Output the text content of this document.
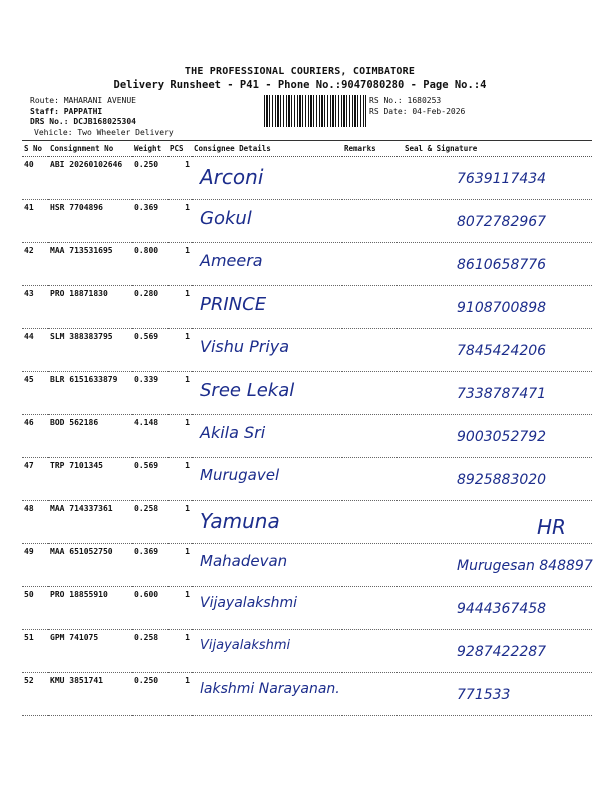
THE PROFESSIONAL COURIERS, COIMBATORE
Delivery Runsheet - P41 - Phone No.:9047080280 - Page No.:4
Route: MAHARANI AVENUE
Staff: PAPPATHI
DRS No.: DCJB168025304
Vehicle: Two Wheeler Delivery
RS No.: 1680253
RS Date: 04-Feb-2026
S No	Consignment No	Weight	PCS	Consignee Details	Remarks	Seal & Signature
40	ABI 20260102646	0.250	1	Arconi		7639117434

41	HSR 7704896	0.369	1	Gokul		8072782967

42	MAA 713531695	0.800	1	Ameera		8610658776

43	PRO 18871830	0.280	1	PRINCE		9108700898

44	SLM 388383795	0.569	1	Vishu Priya		7845424206

45	BLR 6151633879	0.339	1	Sree Lekal		7338787471

46	BOD 562186	4.148	1	Akila Sri		9003052792

47	TRP 7101345	0.569	1	Murugavel		8925883020

48	MAA 714337361	0.258	1	Yamuna		HR

49	MAA 651052750	0.369	1	Mahadevan		Murugesan 848897

50	PRO 18855910	0.600	1	Vijayalakshmi		9444367458

51	GPM 741075	0.258	1	Vijayalakshmi		9287422287

52	KMU 3851741	0.250	1	lakshmi Narayanan.		771533
